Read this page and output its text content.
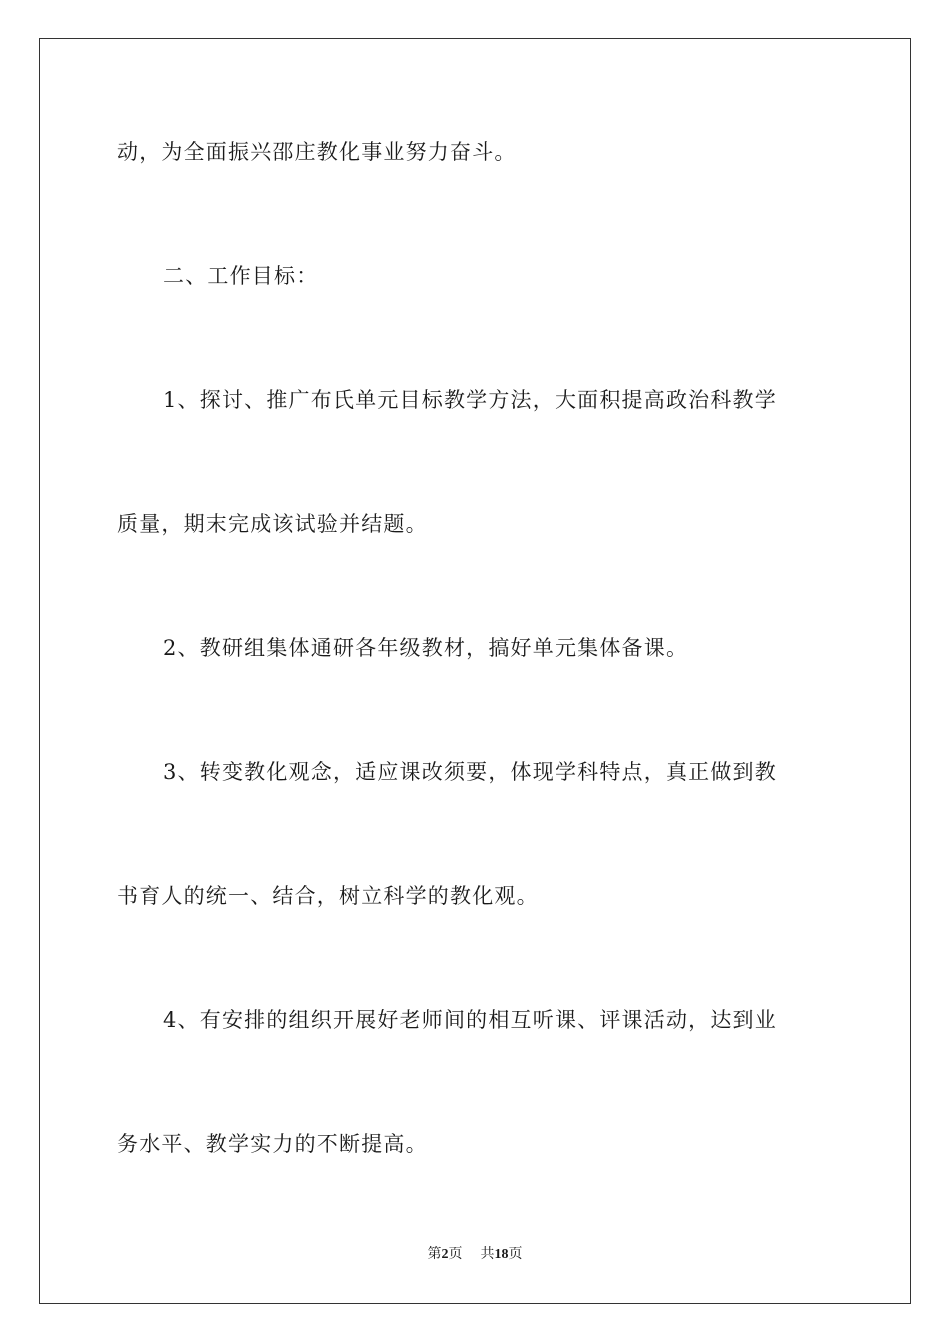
动，为全面振兴邵庄教化事业努力奋斗。
二、工作目标：
1、探讨、推广布氏单元目标教学方法，大面积提高政治科教学
质量，期末完成该试验并结题。
2、教研组集体通研各年级教材，搞好单元集体备课。
3、转变教化观念，适应课改须要，体现学科特点，真正做到教
书育人的统一、结合，树立科学的教化观。
4、有安排的组织开展好老师间的相互听课、评课活动，达到业
务水平、教学实力的不断提高。
第2页 共18页
